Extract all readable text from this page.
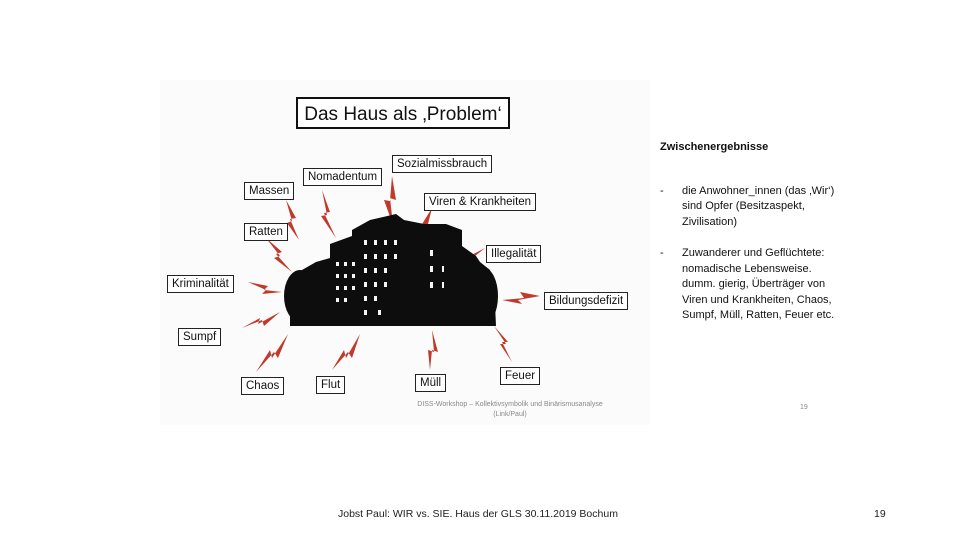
Das Haus als ‚Problem‘
Massen
Nomadentum
Sozialmissbrauch
Viren & Krankheiten
Ratten
Illegalität
Kriminalität
Bildungsdefizit
Sumpf
Chaos	Flut	Müll
Feuer
DISS-Workshop – Kollektivsymbolik und Binärismusanalyse
(Link/Paul)
19
Zwischenergebnisse
- die Anwohner_innen (das ‚Wir‘) sind Opfer (Besitzaspekt, Zivilisation)
- Zuwanderer und Geflüchtete: nomadische Lebensweise. dumm. gierig, Überträger von Viren und Krankheiten, Chaos, Sumpf, Müll, Ratten, Feuer etc.
Jobst Paul: WIR vs. SIE. Haus der GLS 30.11.2019 Bochum	19
